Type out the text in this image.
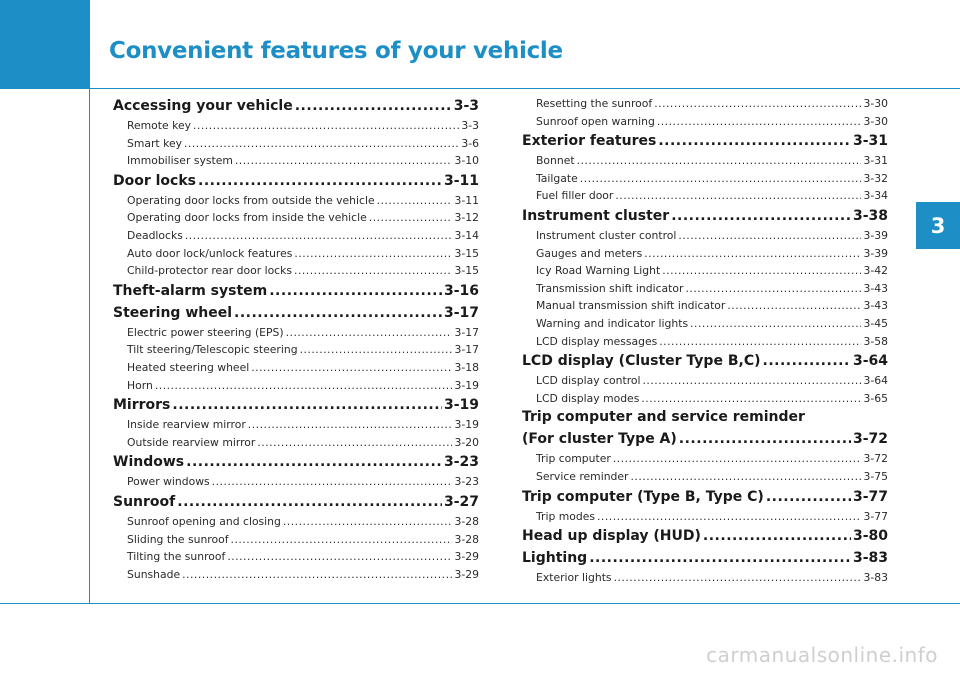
Convenient features of your vehicle
3
Accessing your vehicle .....	3-3
Remote key .....	3-3
Smart key .....	3-6
Immobiliser system .....	3-10
Door locks .....	3-11
Operating door locks from outside the vehicle .....	3-11
Operating door locks from inside the vehicle .....	3-12
Deadlocks .....	3-14
Auto door lock/unlock features .....	3-15
Child-protector rear door locks .....	3-15
Theft-alarm system .....	3-16
Steering wheel .....	3-17
Electric power steering (EPS) .....	3-17
Tilt steering/Telescopic steering .....	3-17
Heated steering wheel .....	3-18
Horn .....	3-19
Mirrors .....	3-19
Inside rearview mirror .....	3-19
Outside rearview mirror .....	3-20
Windows .....	3-23
Power windows .....	3-23
Sunroof .....	3-27
Sunroof opening and closing .....	3-28
Sliding the sunroof .....	3-28
Tilting the sunroof .....	3-29
Sunshade .....	3-29
Resetting the sunroof .....	3-30
Sunroof open warning .....	3-30
Exterior features .....	3-31
Bonnet .....	3-31
Tailgate .....	3-32
Fuel filler door .....	3-34
Instrument cluster .....	3-38
Instrument cluster control .....	3-39
Gauges and meters .....	3-39
Icy Road Warning Light .....	3-42
Transmission shift indicator .....	3-43
Manual transmission shift indicator .....	3-43
Warning and indicator lights .....	3-45
LCD display messages .....	3-58
LCD display (Cluster Type B,C) .....	3-64
LCD display control .....	3-64
LCD display modes .....	3-65
Trip computer and service reminder
(For cluster Type A) .....	3-72
Trip computer .....	3-72
Service reminder .....	3-75
Trip computer (Type B, Type C) .....	3-77
Trip modes .....	3-77
Head up display (HUD) .....	3-80
Lighting .....	3-83
Exterior lights .....	3-83
carmanualsonline.info
